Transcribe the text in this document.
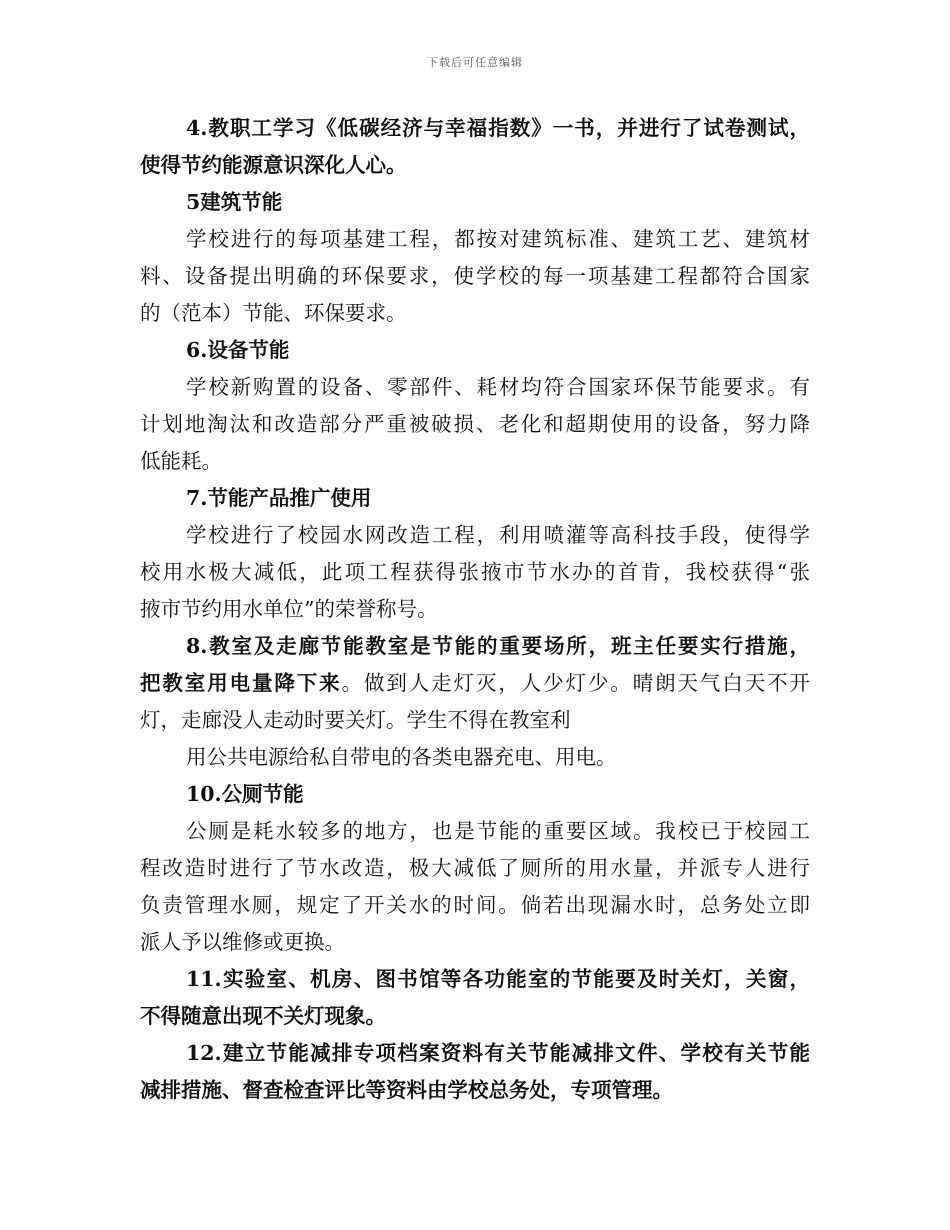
下载后可任意编辑
4.教职工学习《低碳经济与幸福指数》一书，并进行了试卷测试，
使得节约能源意识深化人心。
5建筑节能
学校进行的每项基建工程，都按对建筑标准、建筑工艺、建筑材
料、设备提出明确的环保要求，使学校的每一项基建工程都符合国家
的（范本）节能、环保要求。
6.设备节能
学校新购置的设备、零部件、耗材均符合国家环保节能要求。有
计划地淘汰和改造部分严重被破损、老化和超期使用的设备，努力降
低能耗。
7.节能产品推广使用
学校进行了校园水网改造工程，利用喷灌等高科技手段，使得学
校用水极大减低，此项工程获得张掖市节水办的首肯，我校获得“张
掖市节约用水单位”的荣誉称号。
8.教室及走廊节能教室是节能的重要场所，班主任要实行措施，
把教室用电量降下来。做到人走灯灭，人少灯少。晴朗天气白天不开
灯，走廊没人走动时要关灯。学生不得在教室利
用公共电源给私自带电的各类电器充电、用电。
10.公厕节能
公厕是耗水较多的地方，也是节能的重要区域。我校已于校园工
程改造时进行了节水改造，极大减低了厕所的用水量，并派专人进行
负责管理水厕，规定了开关水的时间。倘若出现漏水时，总务处立即
派人予以维修或更换。
11.实验室、机房、图书馆等各功能室的节能要及时关灯，关窗，
不得随意出现不关灯现象。
12.建立节能减排专项档案资料有关节能减排文件、学校有关节能
减排措施、督查检查评比等资料由学校总务处，专项管理。
